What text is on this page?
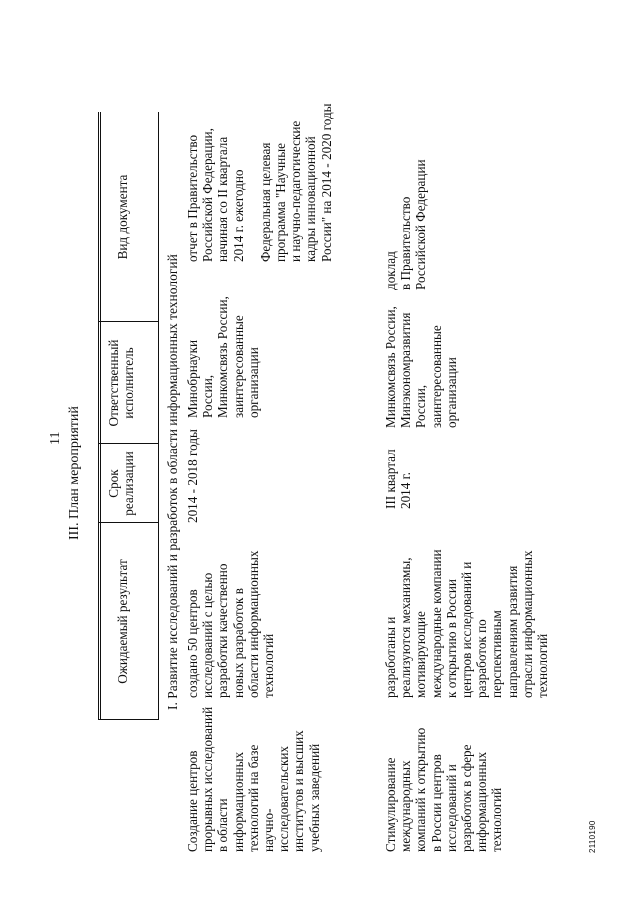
11 III. План мероприятий
Ожидаемый результат
Срок реализации
Ответственный исполнитель
Вид документа
I. Развитие исследований и разработок в области информационных технологий
Создание центров прорывных исследований в области информационных технологий на базе научно- исследовательских институтов и высших учебных заведений
создано 50 центров исследований с целью разработки качественно новых разработок в области информационных технологий
2014 - 2018 годы
Минобрнауки России, Минкомсвязь России, заинтересованные организации
отчет в Правительство Российской Федерации, начиная со II квартала 2014 г. ежегодно Федеральная целевая программа "Научные и научно-педагогические кадры инновационной России" на 2014 - 2020 годы
Стимулирование международных компаний к открытию в России центров исследований и разработок в сфере информационных технологий
разработаны и реализуются механизмы, мотивирующие международные компании к открытию в России центров исследований и разработок по перспективным направлениям развития отрасли информационных технологий
III квартал 2014 г.
Минкомсвязь России, Минэкономразвития России, заинтересованные организации
доклад в Правительство Российской Федерации
2110190
